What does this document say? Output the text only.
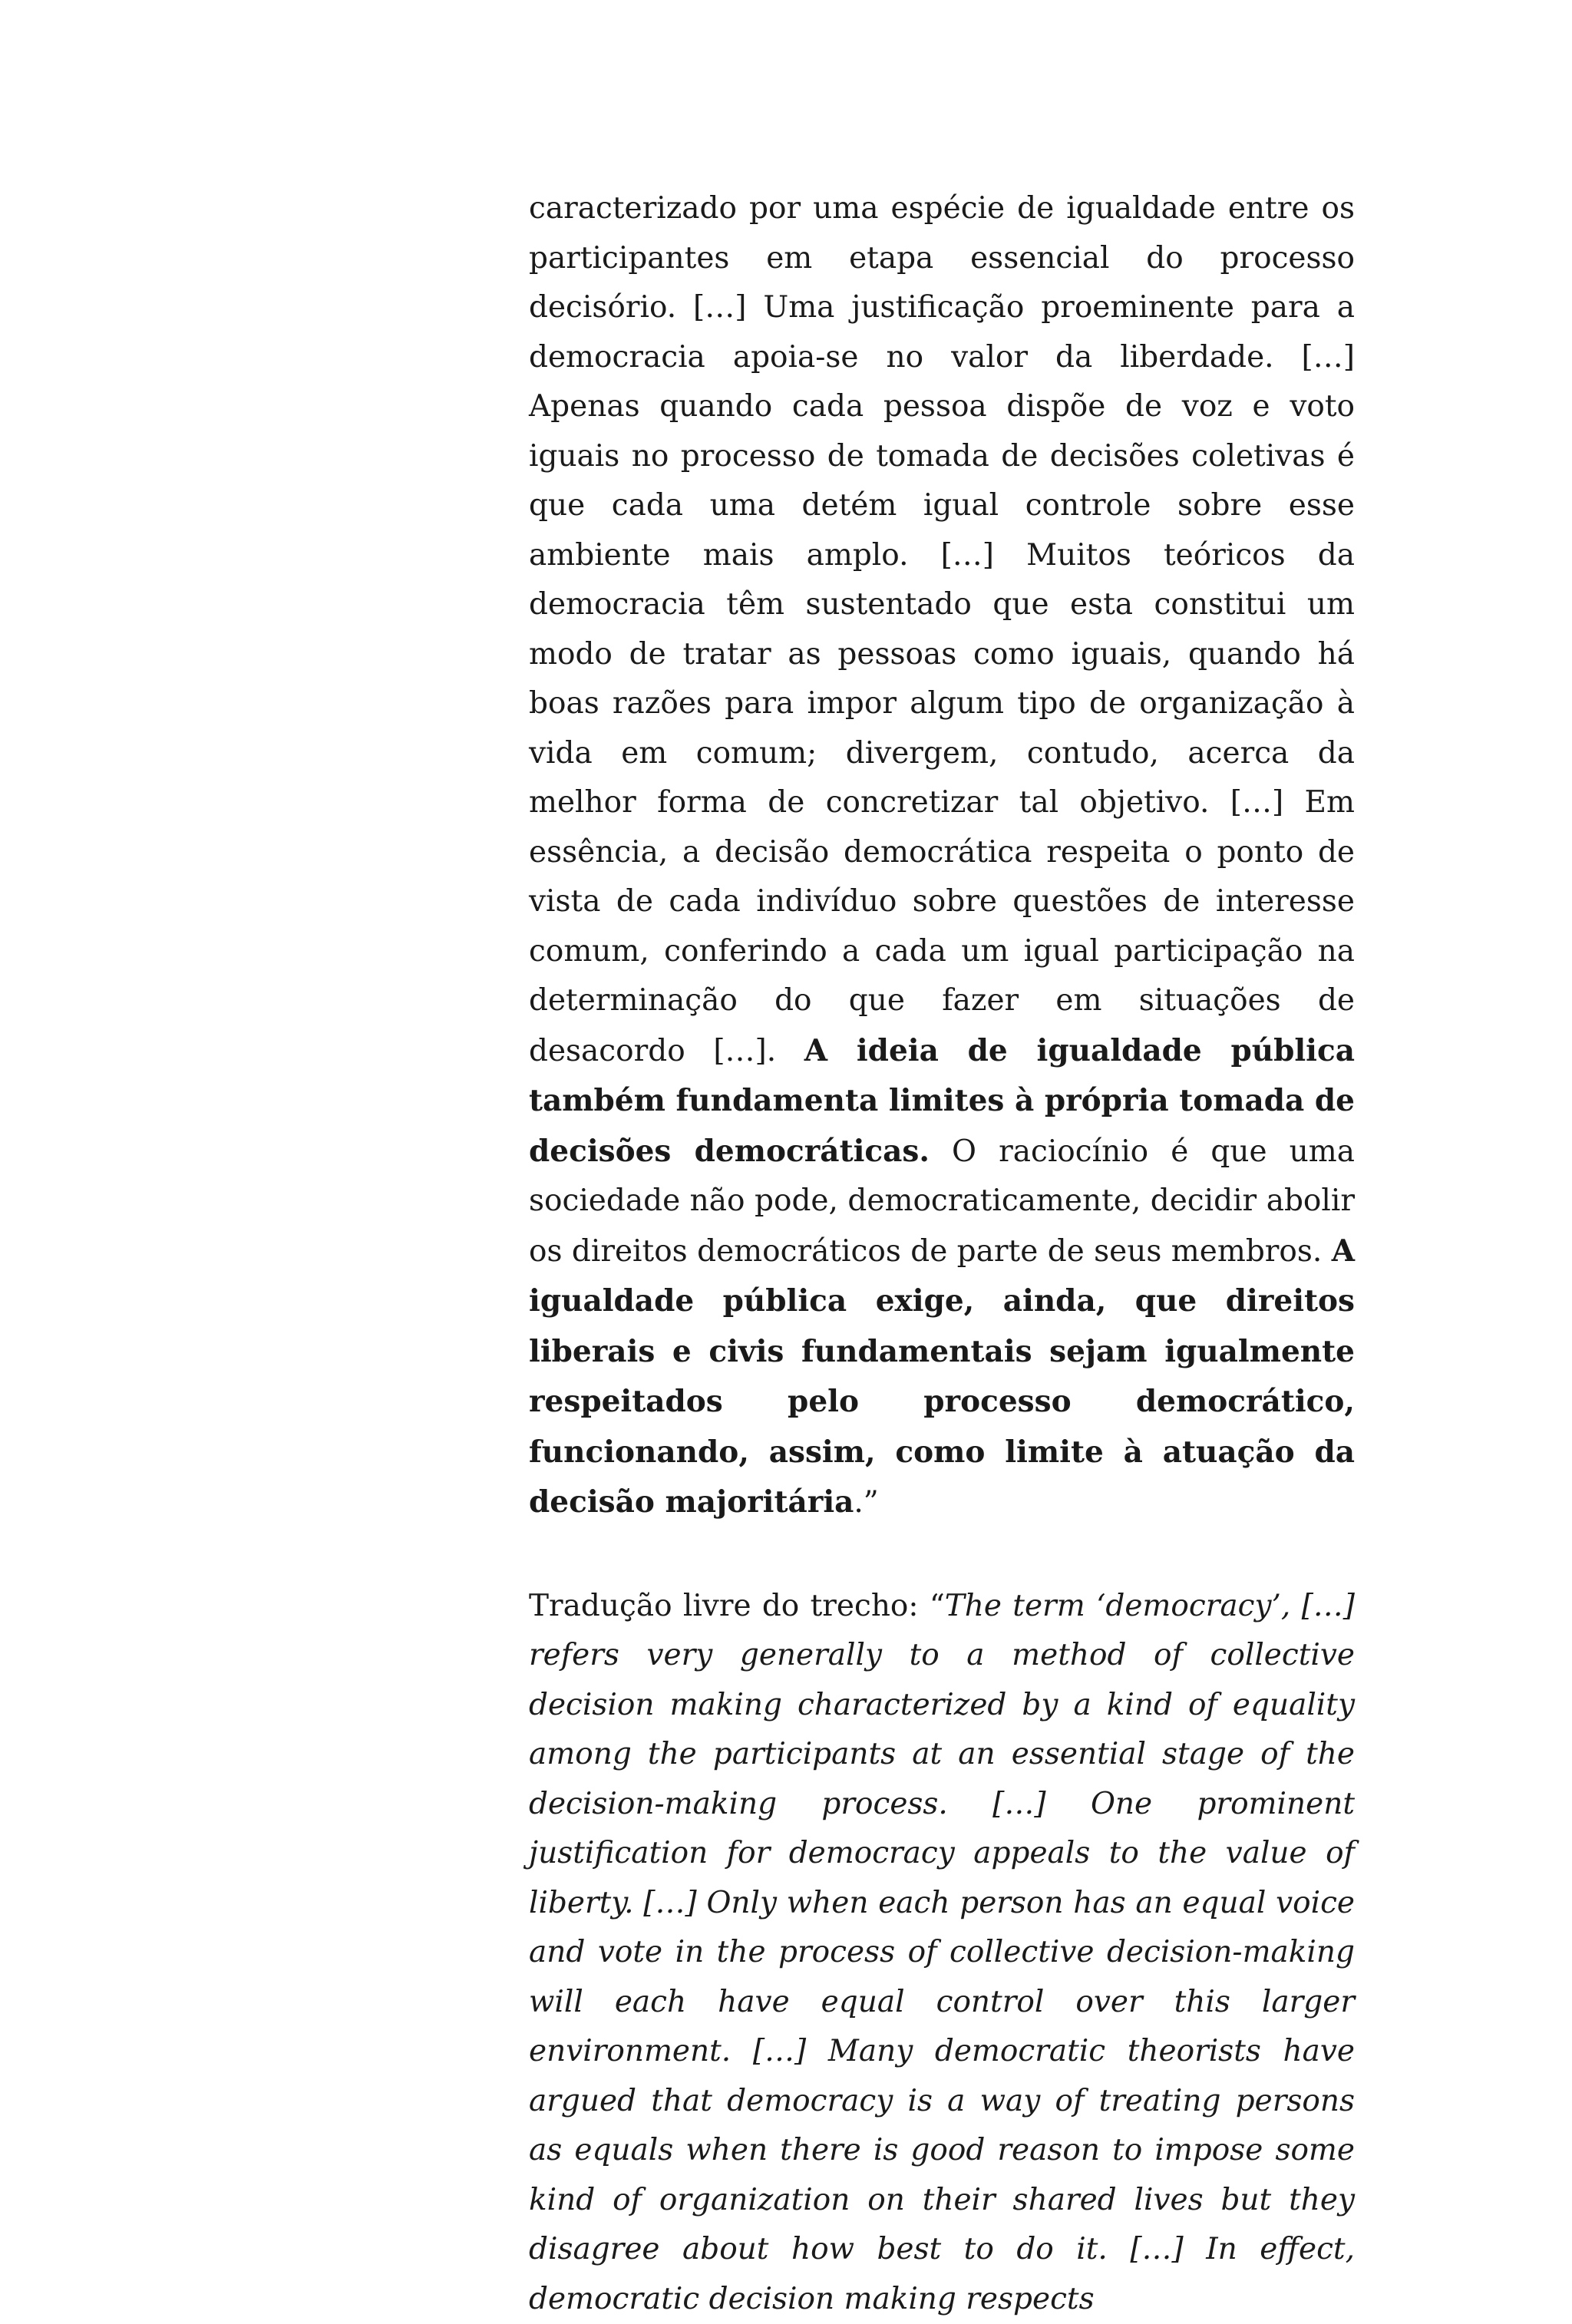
caracterizado por uma espécie de igualdade entre os participantes em etapa essencial do processo decisório. […] Uma justificação proeminente para a democracia apoia-se no valor da liberdade. […] Apenas quando cada pessoa dispõe de voz e voto iguais no processo de tomada de decisões coletivas é que cada uma detém igual controle sobre esse ambiente mais amplo. […] Muitos teóricos da democracia têm sustentado que esta constitui um modo de tratar as pessoas como iguais, quando há boas razões para impor algum tipo de organização à vida em comum; divergem, contudo, acerca da melhor forma de concretizar tal objetivo. […] Em essência, a decisão democrática respeita o ponto de vista de cada indivíduo sobre questões de interesse comum, conferindo a cada um igual participação na determinação do que fazer em situações de desacordo […]. A ideia de igualdade pública também fundamenta limites à própria tomada de decisões democráticas. O raciocínio é que uma sociedade não pode, democraticamente, decidir abolir os direitos democráticos de parte de seus membros. A igualdade pública exige, ainda, que direitos liberais e civis fundamentais sejam igualmente respeitados pelo processo democrático, funcionando, assim, como limite à atuação da decisão majoritária.”

Tradução livre do trecho: “The term ‘democracy’, […] refers very generally to a method of collective decision making characterized by a kind of equality among the participants at an essential stage of the decision-making process. […] One prominent justification for democracy appeals to the value of liberty. […] Only when each person has an equal voice and vote in the process of collective decision-making will each have equal control over this larger environment. […] Many democratic theorists have argued that democracy is a way of treating persons as equals when there is good reason to impose some kind of organization on their shared lives but they disagree about how best to do it. […] In effect, democratic decision making respects
